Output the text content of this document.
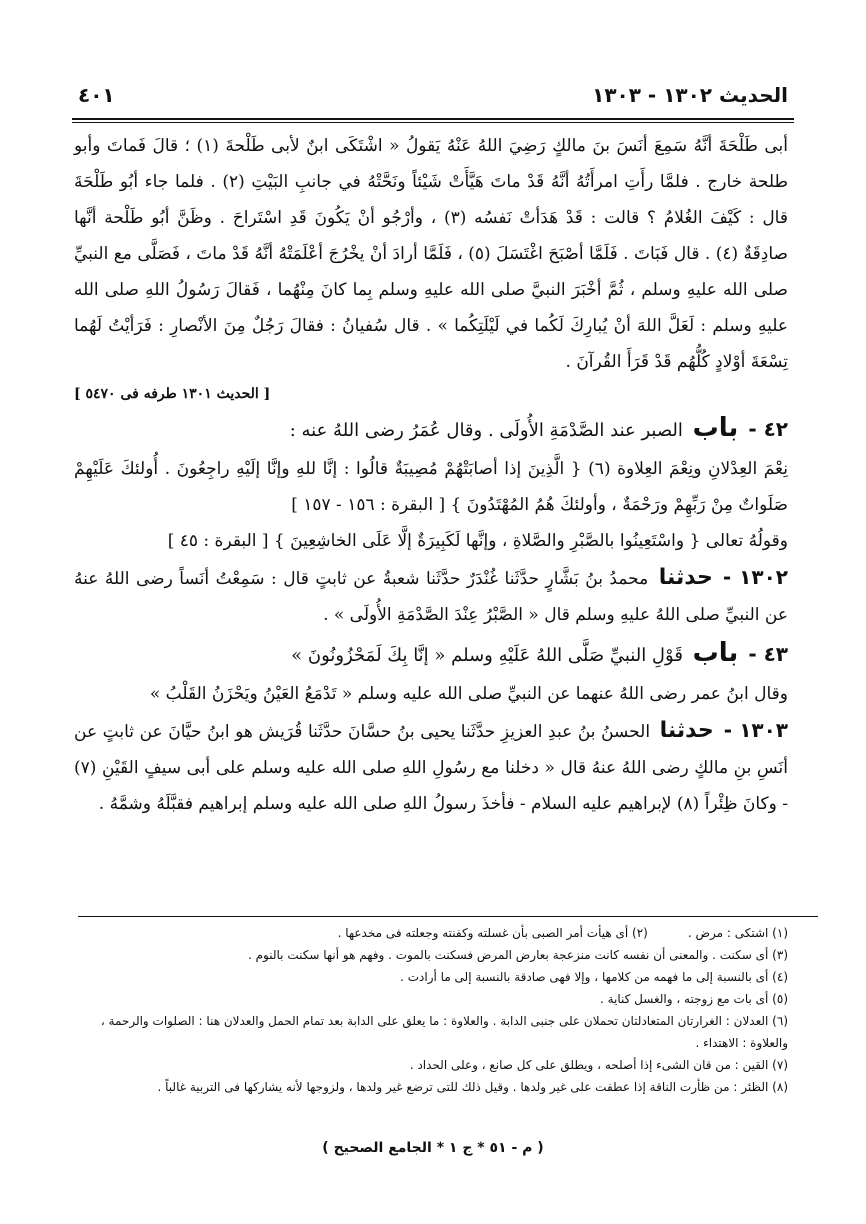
الحديث ١٣٠٢ - ١٣٠٣
٤٠١

أبى طَلْحَةَ أنَّهُ سَمِعَ أنَسَ بنَ مالكٍ رَضِيَ اللهُ عَنْهُ يَقولُ « اشْتَكَى ابنٌ لأبى طَلْحةَ (١) ؛ قالَ فَماتَ وأبو طلحة خارج . فلمَّا رأَتِ امرأَتُهُ أنَّهُ قَدْ ماتَ هَيَّأَتْ شَيْئاً ونَحَّتْهُ في جانبِ البَيْتِ (٢) . فلما جاء أبُو طَلْحَةَ قال : كَيْفَ الغُلامُ ؟ قالت : قَدْ هَدَأتْ نَفسُه (٣) ، وأرْجُو أنْ يَكُونَ قَدِ اسْتَراحَ . وظَنَّ أبُو طَلْحة أنَّها صادِقَةٌ (٤) . قال فَبَاتَ . فَلَمَّا أصْبَحَ اغْتَسَلَ (٥) ، فَلَمَّا أرادَ أنْ يخْرُجَ أعْلَمَتْهُ أنَّهُ قَدْ ماتَ ، فَصَلَّى مع النبيِّ صلى الله عليهِ وسلم ، ثُمَّ أخْبَرَ النبيَّ صلى الله عليهِ وسلم بِما كانَ مِنْهُما ، فَقالَ رَسُولُ اللهِ صلى الله عليهِ وسلم : لَعَلَّ اللهَ أنْ يُبارِكَ لَكُما في لَيْلَتِكُما » . قال سُفيانُ : فقالَ رَجُلٌ مِنَ الأنْصارِ : فَرَأيْتُ لَهُما تِسْعَةَ أوْلادٍ كُلُّهُم قَدْ قَرَأَ القُرآنَ .

[ الحديث ١٣٠١ طرفه فى ٥٤٧٠ ]

٤٢ -باب الصبر عند الصَّدْمَةِ الأُولَى . وقال عُمَرُ رضى اللهُ عنه :

نِعْمَ العِدْلانِ ونِعْمَ العِلاوة (٦) { الَّذِينَ إذا أصابَتْهُمْ مُصِيبَةٌ قالُوا : إنَّا للهِ وإنَّا إلَيْهِ راجِعُونَ . أُولئكَ عَلَيْهِمْ صَلَواتٌ مِنْ رَبِّهِمْ ورَحْمَةٌ ، وأولئكَ هُمُ المُهْتَدُونَ } [ البقرة : ١٥٦ - ١٥٧ ]

وقولُهُ تعالى { واسْتَعِينُوا بالصَّبْرِ والصَّلاةِ ، وإنَّها لَكَبِيرَةٌ إلَّا عَلَى الخاشِعِينَ } [ البقرة : ٤٥ ]

١٣٠٢ -حدثنا محمدُ بنُ بَشَّارٍ حدَّثَنا غُنْدَرٌ حدَّثَنا شعبةُ عن ثابتٍ قال : سَمِعْتُ أنَساً رضى اللهُ عنهُ عن النبيِّ صلى اللهُ عليهِ وسلم قال « الصَّبْرُ عِنْدَ الصَّدْمَةِ الأُولَى » .

٤٣ -باب قَوْلِ النبيِّ صَلَّى اللهُ عَلَيْهِ وسلم « إنَّا بِكَ لَمَحْزُونُونَ »

وقال ابنُ عمر رضى اللهُ عنهما عن النبيِّ صلى الله عليه وسلم « تَدْمَعُ العَيْنُ ويَحْزَنُ القَلْبُ »

١٣٠٣ -حدثنا الحسنُ بنُ عبدِ العزيزِ حدَّثَنا يحيى بنُ حسَّانَ حدَّثَنا قُرَيش هو ابنُ حيَّانَ عن ثابتٍ عن أنَسِ بنِ مالكٍ رضى اللهُ عنهُ قال « دخلنا مع رسُولِ اللهِ صلى الله عليه وسلم على أبى سيفٍ القَيْنِ (٧) - وكانَ ظِئْراً (٨) لإبراهيم عليه السلام - فأخذَ رسولُ اللهِ صلى الله عليه وسلم إبراهيم فقبَّلَهُ وشمَّهُ .

(١) اشتكى : مرض .
(٢) أى هيأت أمر الصبى بأن غسلته وكفنته وجعلته فى مخدعها .
(٣) أى سكنت . والمعنى أن نفسه كانت منزعجة بعارض المرض فسكنت بالموت . وفهم هو أنها سكنت بالنوم .
(٤) أى بالنسبة إلى ما فهمه من كلامها ، وإلا فهى صادقة بالنسبة إلى ما أرادت .
(٥) أى بات مع زوجته ، والغسل كناية .
(٦) العدلان : الغرارتان المتعادلتان تحملان على جنبى الدابة . والعلاوة : ما يعلق على الدابة بعد تمام الحمل والعدلان هنا : الصلوات والرحمة ، والعلاوة : الاهتداء .
(٧) القين : من قان الشىء إذا أصلحه ، ويطلق على كل صانع ، وعلى الحداد .
(٨) الظئر : من ظأرت الناقة إذا عطفت على غير ولدها . وقيل ذلك للتى ترضع غير ولدها ، ولزوجها لأنه يشاركها فى التربية غالباً .
( م - ٥١ * ج ١ * الجامع الصحيح )
